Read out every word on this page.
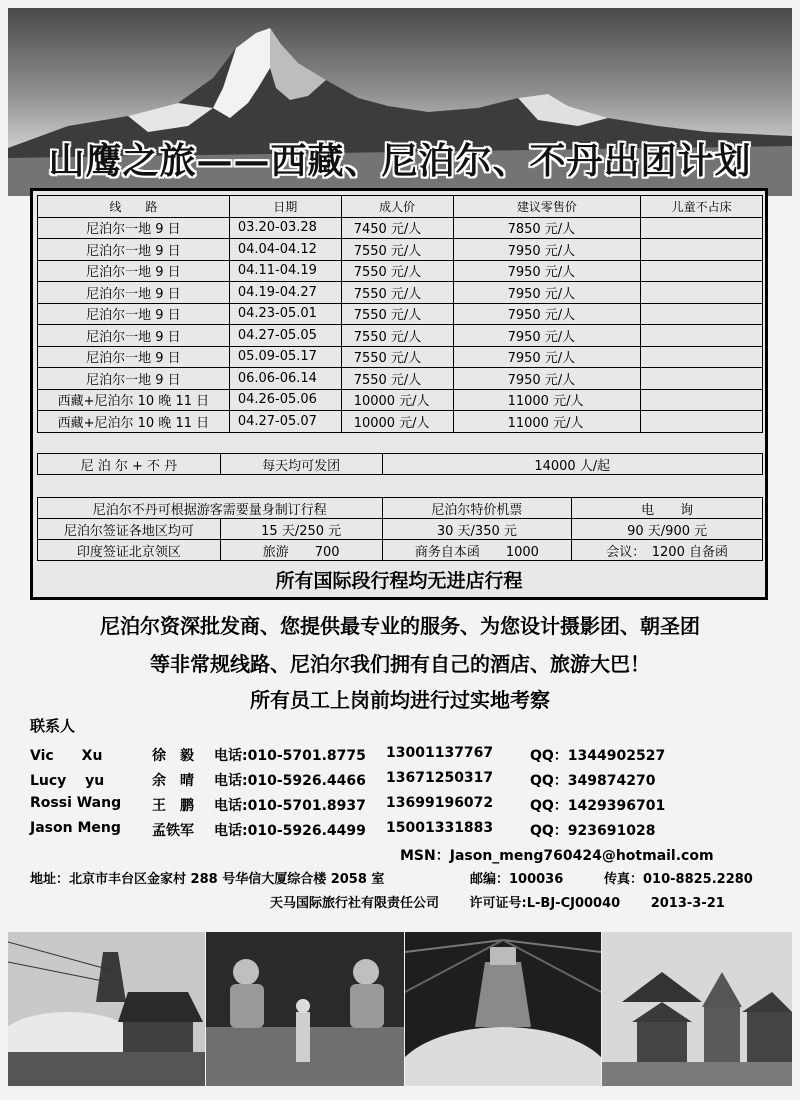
山鹰之旅——西藏、尼泊尔、不丹出团计划
线　　路	日期	成人价	建议零售价	儿童不占床
尼泊尔一地 9 日	03.20-03.28	7450 元/人	7850 元/人	
尼泊尔一地 9 日	04.04-04.12	7550 元/人	7950 元/人	
尼泊尔一地 9 日	04.11-04.19	7550 元/人	7950 元/人	
尼泊尔一地 9 日	04.19-04.27	7550 元/人	7950 元/人	
尼泊尔一地 9 日	04.23-05.01	7550 元/人	7950 元/人	
尼泊尔一地 9 日	04.27-05.05	7550 元/人	7950 元/人	
尼泊尔一地 9 日	05.09-05.17	7550 元/人	7950 元/人	
尼泊尔一地 9 日	06.06-06.14	7550 元/人	7950 元/人	
西藏+尼泊尔 10 晚 11 日	04.26-05.06	10000 元/人	11000 元/人	
西藏+尼泊尔 10 晚 11 日	04.27-05.07	10000 元/人	11000 元/人	
尼 泊 尔 + 不 丹	每天均可发团	14000 人/起	

尼泊尔不丹可根据游客需要量身制订行程		尼泊尔特价机票	电　　询
尼泊尔签证各地区均可	15 天/250 元	30 天/350 元	90 天/900 元
印度签证北京领区	旅游　　700	商务自本函　　1000	会议：　1200 自备函
所有国际段行程均无进店行程
尼泊尔资深批发商、您提供最专业的服务、为您设计摄影团、朝圣团
等非常规线路、尼泊尔我们拥有自己的酒店、旅游大巴！
所有员工上岗前均进行过实地考察
联系人
Vic　　Xu	徐　毅 电话:010-5701.8775 13001137767	QQ：1344902527
Lucy　 yu	余　晴 电话:010-5926.4466 13671250317	QQ：349874270
Rossi Wang 王　鹏 电话:010-5701.8937 13699196072	QQ：1429396701
Jason Meng 孟铁军 电话:010-5926.4499 15001331883	QQ：923691028
MSN：Jason_meng760424@hotmail.com
地址：北京市丰台区金家村 288 号华信大厦综合楼 2058 室	邮编：100036	传真：010-8825.2280
天马国际旅行社有限责任公司 许可证号:L-BJ-CJ00040 2013-3-21
